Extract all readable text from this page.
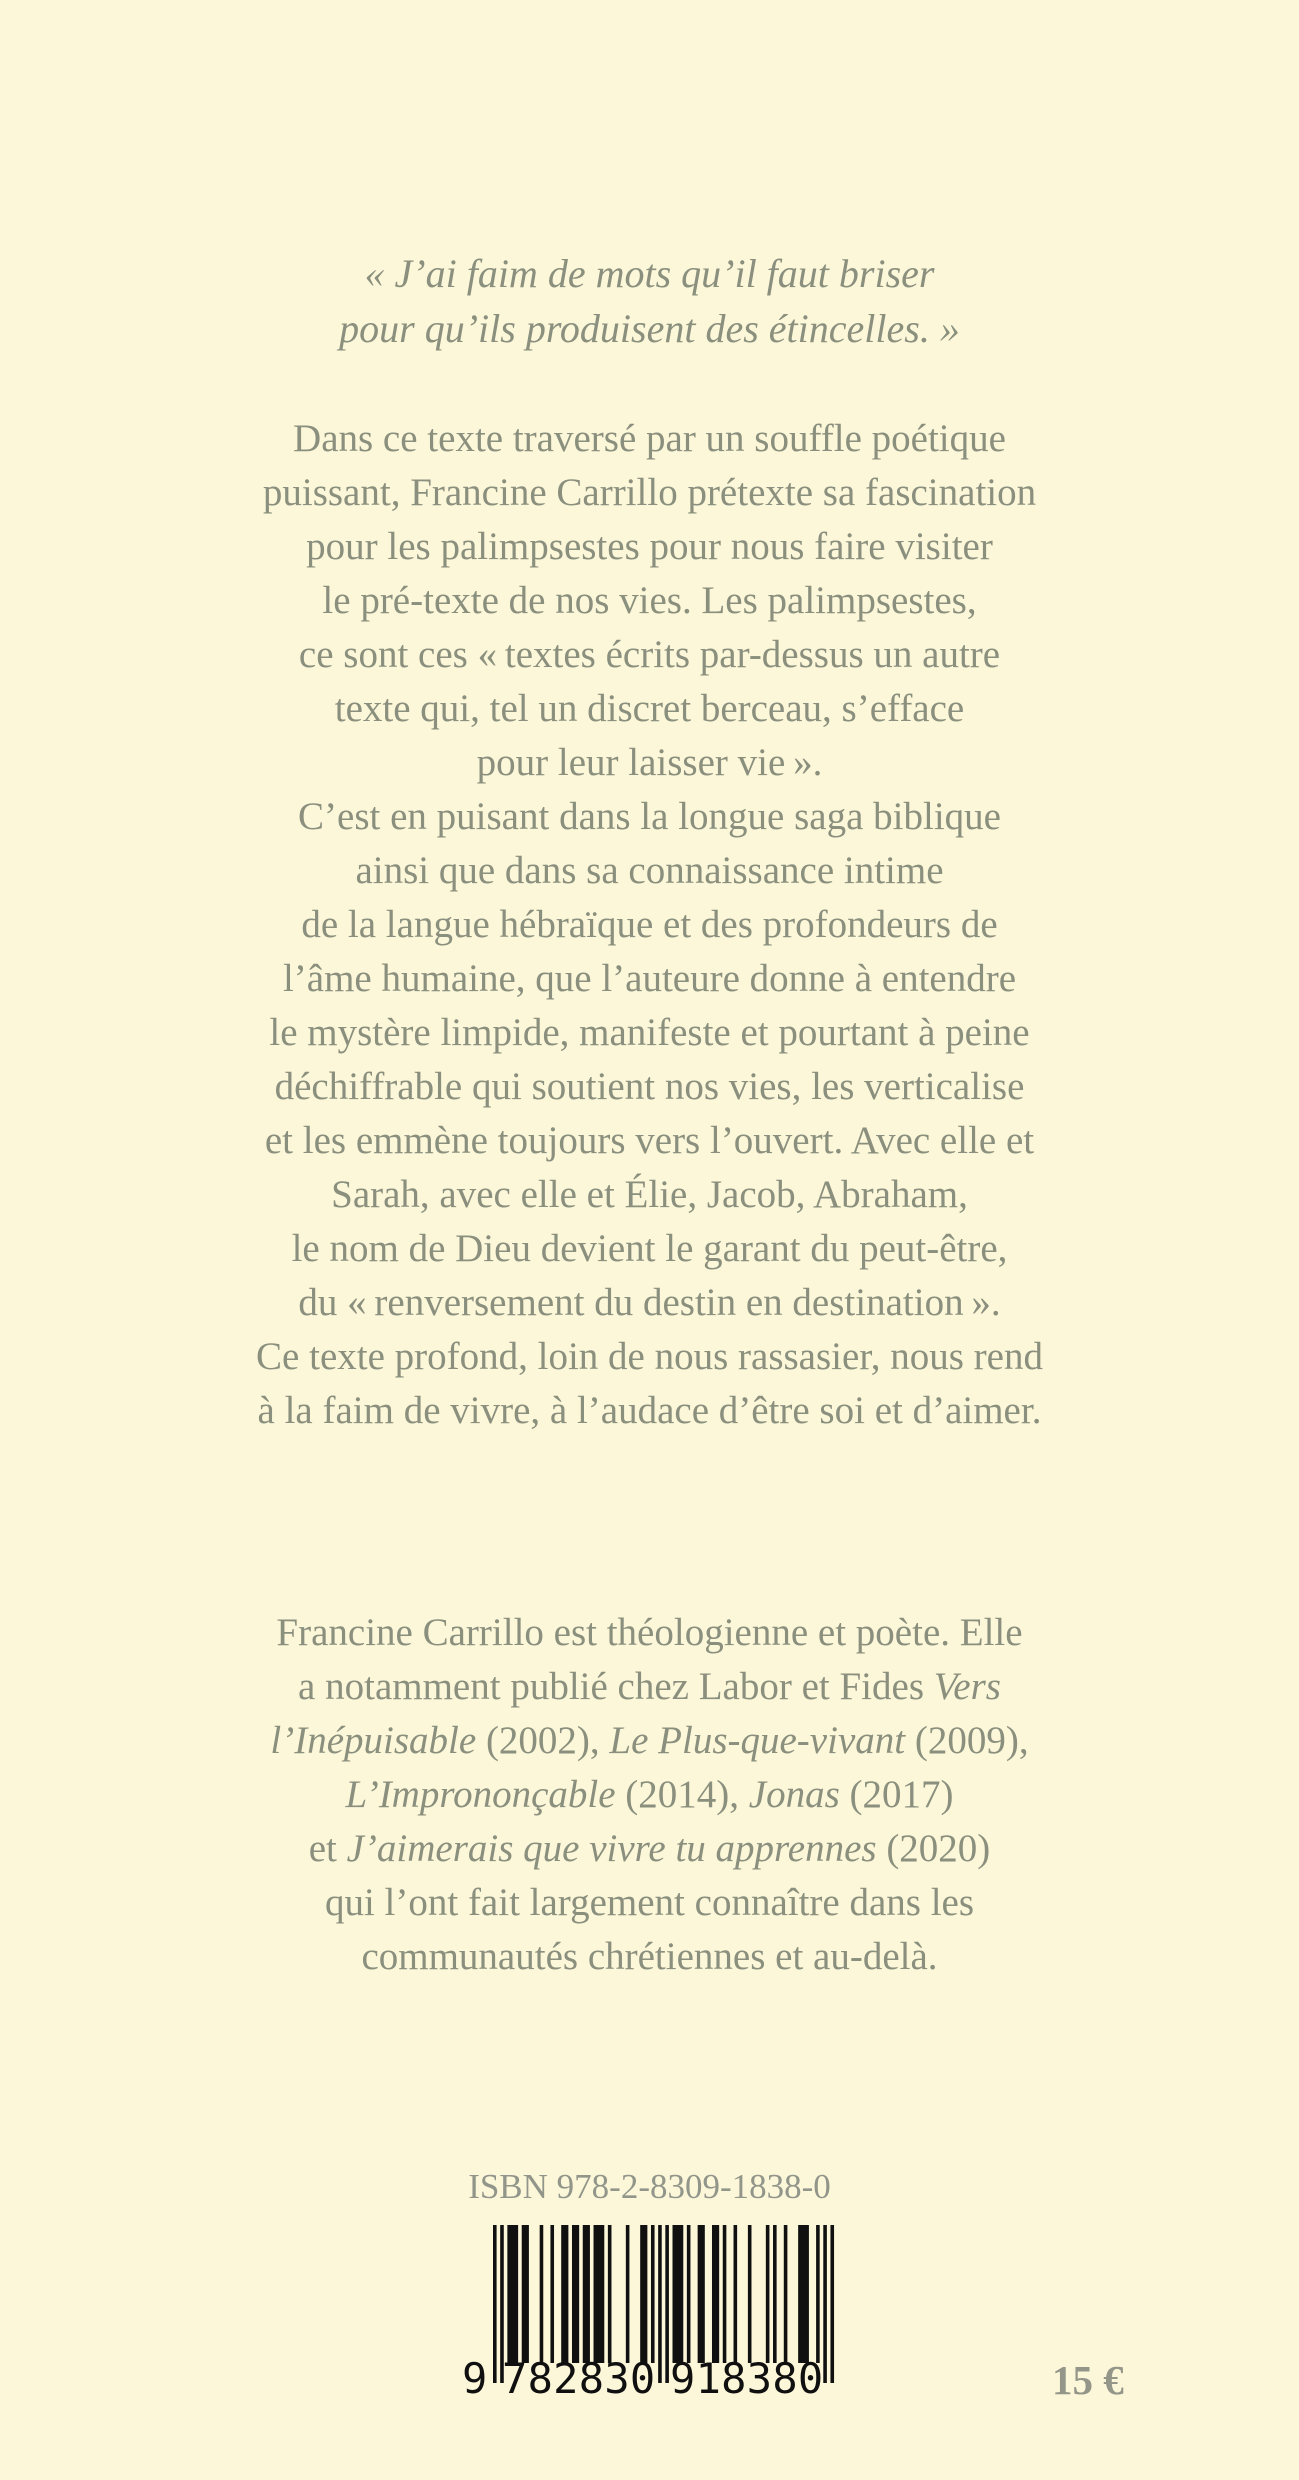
« J’ai faim de mots qu’il faut briser
pour qu’ils produisent des étincelles. »
Dans ce texte traversé par un souffle poétique
puissant, Francine Carrillo prétexte sa fascination
pour les palimpsestes pour nous faire visiter
le pré-texte de nos vies. Les palimpsestes,
ce sont ces « textes écrits par-dessus un autre
texte qui, tel un discret berceau, s’efface
pour leur laisser vie ».
C’est en puisant dans la longue saga biblique
ainsi que dans sa connaissance intime
de la langue hébraïque et des profondeurs de
l’âme humaine, que l’auteure donne à entendre
le mystère limpide, manifeste et pourtant à peine
déchiffrable qui soutient nos vies, les verticalise
et les emmène toujours vers l’ouvert. Avec elle et
Sarah, avec elle et Élie, Jacob, Abraham,
le nom de Dieu devient le garant du peut-être,
du « renversement du destin en destination ».
Ce texte profond, loin de nous rassasier, nous rend
à la faim de vivre, à l’audace d’être soi et d’aimer.
Francine Carrillo est théologienne et poète. Elle
a notamment publié chez Labor et Fides Vers
l’Inépuisable (2002), Le Plus-que-vivant (2009),
L’Imprononçable (2014), Jonas (2017)
et J’aimerais que vivre tu apprennes (2020)
qui l’ont fait largement connaître dans les
communautés chrétiennes et au-delà.
ISBN 978-2-8309-1838-0
9 782830 918380	15 €
